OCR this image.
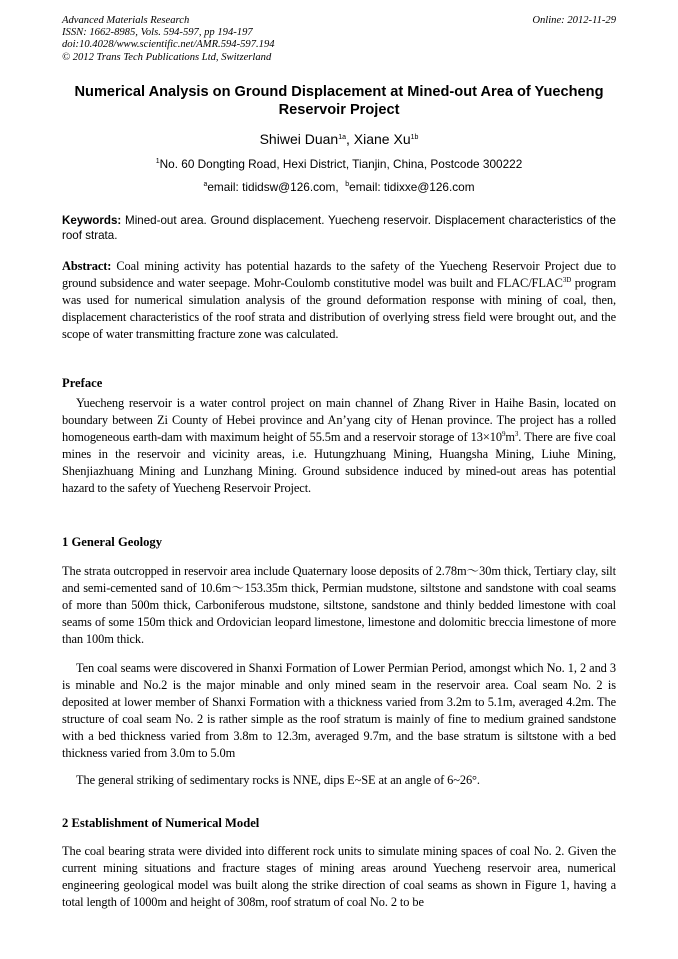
Advanced Materials Research
ISSN: 1662-8985, Vols. 594-597, pp 194-197
doi:10.4028/www.scientific.net/AMR.594-597.194
© 2012 Trans Tech Publications Ltd, Switzerland
Online: 2012-11-29
Numerical Analysis on Ground Displacement at Mined-out Area of Yuecheng Reservoir Project
Shiwei Duan$^{1a}$, Xiane $Xu^{1b}$
$^1$No. 60 Dongting Road, Hexi District, Tianjin, China, Postcode 300222
$^a$email: tididsw@126.com, $^b$email: tidixxe@126.com
Keywords: Mined-out area. Ground displacement. Yuecheng reservoir. Displacement characteristics of the roof strata.

Abstract: Coal mining activity has potential hazards to the safety of the Yuecheng Reservoir Project due to ground subsidence and water seepage. Mohr-Coulomb constitutive model was built and FLAC/$FLAC^{3D}$ program was used for numerical simulation analysis of the ground deformation response with mining of coal, then, displacement characteristics of the roof strata and distribution of overlying stress field were brought out, and the scope of water transmitting fracture zone was calculated.

Preface

Yuecheng reservoir is a water control project on main channel of Zhang River in Haihe Basin, located on boundary between Zi County of Hebei province and An’yang city of Henan province. The project has a rolled homogeneous earth-dam with maximum height of 55.5m and a reservoir storage of $13\times 10^9m^3$. There are five coal mines in the reservoir and vicinity areas, i.e. Hutungzhuang Mining, Huangsha Mining, Liuhe Mining, Shenjiazhuang Mining and Lunzhang Mining. Ground subsidence induced by mined-out areas has potential hazard to the safety of Yuecheng Reservoir Project.

1 General Geology

The strata outcropped in reservoir area include Quaternary loose deposits of 2.78m～30m thick, Tertiary clay, silt and semi-cemented sand of 10.6m～153.35m thick, Permian mudstone, siltstone and sandstone with coal seams of more than 500m thick, Carboniferous mudstone, siltstone, sandstone and thinly bedded limestone with coal seams of some 150m thick and Ordovician leopard limestone, limestone and dolomitic breccia limestone of more than 100m thick.

Ten coal seams were discovered in Shanxi Formation of Lower Permian Period, amongst which No. 1, 2 and 3 is minable and No.2 is the major minable and only mined seam in the reservoir area. Coal seam No. 2 is deposited at lower member of Shanxi Formation with a thickness varied from 3.2m to 5.1m, averaged 4.2m. The structure of coal seam No. 2 is rather simple as the roof stratum is mainly of fine to medium grained sandstone with a bed thickness varied from 3.8m to 12.3m, averaged 9.7m, and the base stratum is siltstone with a bed thickness varied from 3.0m to 5.0m

The general striking of sedimentary rocks is NNE, dips E~SE at an angle of 6~26°.

2 Establishment of Numerical Model

The coal bearing strata were divided into different rock units to simulate mining spaces of coal No. 2. Given the current mining situations and fracture stages of mining areas around Yuecheng reservoir area, numerical engineering geological model was built along the strike direction of coal seams as shown in Figure 1, having a total length of 1000m and height of 308m, roof stratum of coal No. 2 to be
